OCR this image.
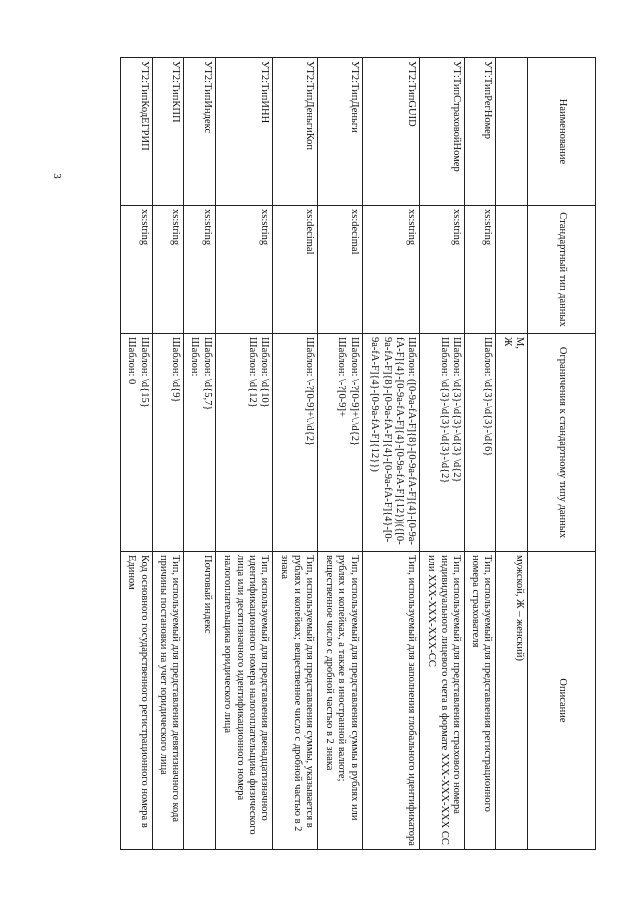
3
Наименование	Стандартный тип данных	Ограничения к стандартному типу данных	Описание
		М,
Ж	мужской, Ж – женский)
УТ:ТипРегНомер	xs:string	Шаблон: \d{3}-\d{3}-\d{6}	Тип, используемый для представления регистрационного номера страхователя
УТ:ТипСтраховойНомер	xs:string	Шаблон: \d{3}-\d{3}-\d{3} \d{2}
Шаблон: \d{3}-\d{3}-\d{3}-\d{2}	Тип, используемый для представления страхового номера индивидуального лицевого счета в формате XXX-XXX-XXX CC или XXX-XXX-XXX-CC
УТ2:ТипGUID	xs:string	Шаблон: ([0-9a-fA-F]{8}-[0-9a-fA-F]{4}-[0-9a-fA-F]{4}-[0-9a-fA-F]{4}-[0-9a-fA-F]{12})|({[0-9a-fA-F]{8}-[0-9a-fA-F]{4}-[0-9a-fA-F]{4}-[0-9a-fA-F]{4}-[0-9a-fA-F]{12}})	Тип, используемый для заполнения глобального идентификатора
УТ2:ТипДеньги	xs:decimal	Шаблон: \-?[0-9]+\.\d{2}
Шаблон: \-?[0-9]+	Тип, используемый для представления суммы в рублях или рублях и копейках, а также в иностранной валюте; вещественное число с дробной частью в 2 знака
УТ2:ТипДеньгиКоп	xs:decimal	Шаблон: \-?[0-9]+\.\d{2}	Тип, используемый для представления суммы, указывается в рублях и копейках; вещественное число с дробной частью в 2 знака
УТ2:ТипИНН	xs:string	Шаблон: \d{10}
Шаблон: \d{12}	Тип, используемый для представления двенадцатизначного идентификационного номера налогоплательщика физического лица или десятизначного идентификационного номера налогоплательщика юридического лица
УТ2:ТипИндекс	xs:string	Шаблон: \d{5,7}
Шаблон:	Почтовый индекс
УТ2:ТипКПП	xs:string	Шаблон: \d{9}	Тип, используемый для представления девятизначного кода причины постановки на учет юридического лица
УТ2:ТипКодЕГРИП	xs:string	Шаблон: \d{15}
Шаблон: 0	Код основного государственного регистрационного номера в Едином
